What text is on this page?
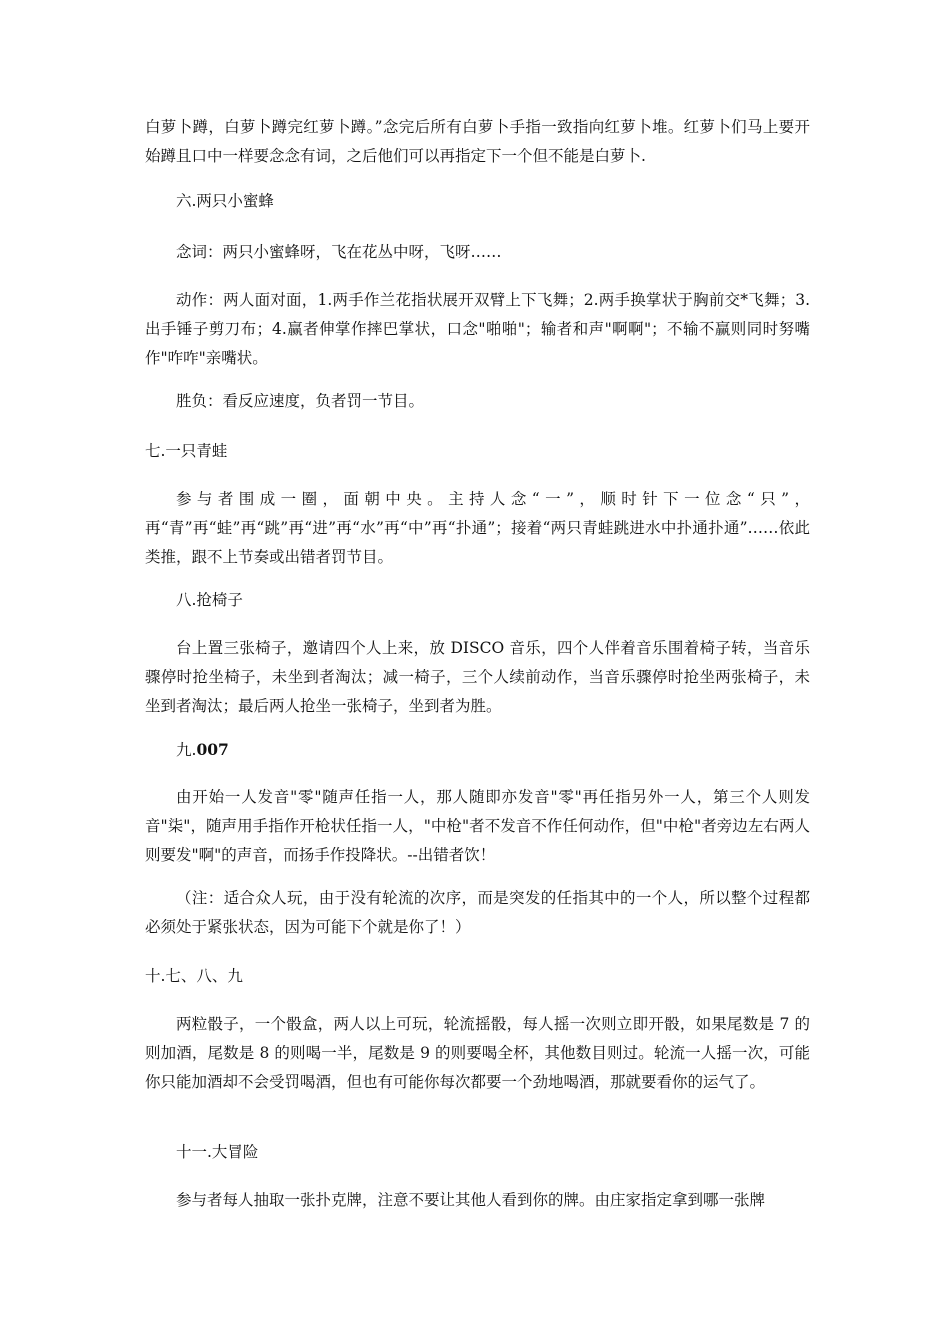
白萝卜蹲，白萝卜蹲完红萝卜蹲。”念完后所有白萝卜手指一致指向红萝卜堆。红萝卜们马上要开始蹲且口中一样要念念有词，之后他们可以再指定下一个但不能是白萝卜.

六.两只小蜜蜂

念词：两只小蜜蜂呀，飞在花丛中呀，飞呀……

动作：两人面对面，1.两手作兰花指状展开双臂上下飞舞；2.两手换掌状于胸前交*飞舞；3.出手锤子剪刀布；4.赢者伸掌作摔巴掌状，口念"啪啪"；输者和声"啊啊"；不输不赢则同时努嘴作"咋咋"亲嘴状。

胜负：看反应速度，负者罚一节目。

七.一只青蛙

参与者围成一圈，面朝中央。主持人念“一”，顺时针下一位念“只”，再“青”再“蛙”再“跳”再“进”再“水”再“中”再“扑通”；接着“两只青蛙跳进水中扑通扑通”……依此类推，跟不上节奏或出错者罚节目。

八.抢椅子

台上置三张椅子，邀请四个人上来，放 DISCO 音乐，四个人伴着音乐围着椅子转，当音乐骤停时抢坐椅子，未坐到者淘汰；减一椅子，三个人续前动作，当音乐骤停时抢坐两张椅子，未坐到者淘汰；最后两人抢坐一张椅子，坐到者为胜。

九.007

由开始一人发音"零"随声任指一人，那人随即亦发音"零"再任指另外一人，第三个人则发音"柒"，随声用手指作开枪状任指一人，"中枪"者不发音不作任何动作，但"中枪"者旁边左右两人则要发"啊"的声音，而扬手作投降状。--出错者饮！

（注：适合众人玩，由于没有轮流的次序，而是突发的任指其中的一个人，所以整个过程都必须处于紧张状态，因为可能下个就是你了！）

十.七、八、九

两粒骰子，一个骰盒，两人以上可玩，轮流摇骰，每人摇一次则立即开骰，如果尾数是 7 的则加酒，尾数是 8 的则喝一半，尾数是 9 的则要喝全杯，其他数目则过。轮流一人摇一次，可能你只能加酒却不会受罚喝酒，但也有可能你每次都要一个劲地喝酒，那就要看你的运气了。

十一.大冒险

参与者每人抽取一张扑克牌，注意不要让其他人看到你的牌。由庄家指定拿到哪一张牌
